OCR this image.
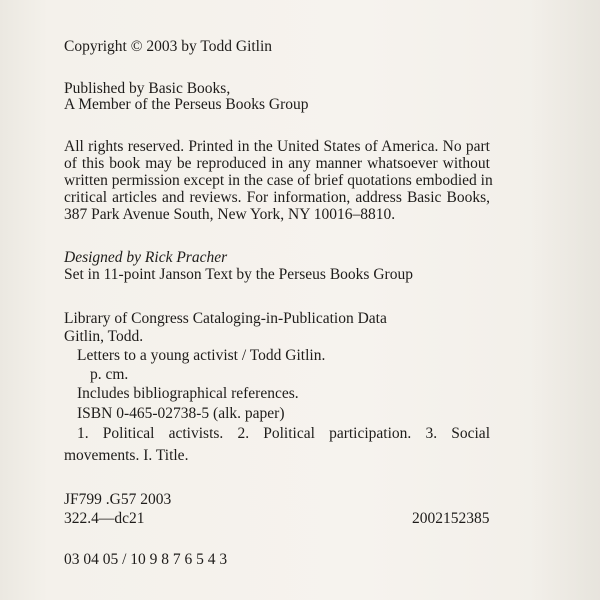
Copyright © 2003 by Todd Gitlin
Published by Basic Books,
A Member of the Perseus Books Group
All rights reserved. Printed in the United States of America. No part
of this book may be reproduced in any manner whatsoever without
written permission except in the case of brief quotations embodied in
critical articles and reviews. For information, address Basic Books,
387 Park Avenue South, New York, NY 10016–8810.
Designed by Rick Pracher
Set in 11-point Janson Text by the Perseus Books Group
Library of Congress Cataloging-in-Publication Data
Gitlin, Todd.
Letters to a young activist / Todd Gitlin.
p. cm.
Includes bibliographical references.
ISBN 0-465-02738-5 (alk. paper)
1. Political activists. 2. Political participation. 3. Social
movements. I. Title.
JF799 .G57 2003
322.4—dc21	2002152385
03 04 05 / 10 9 8 7 6 5 4 3
